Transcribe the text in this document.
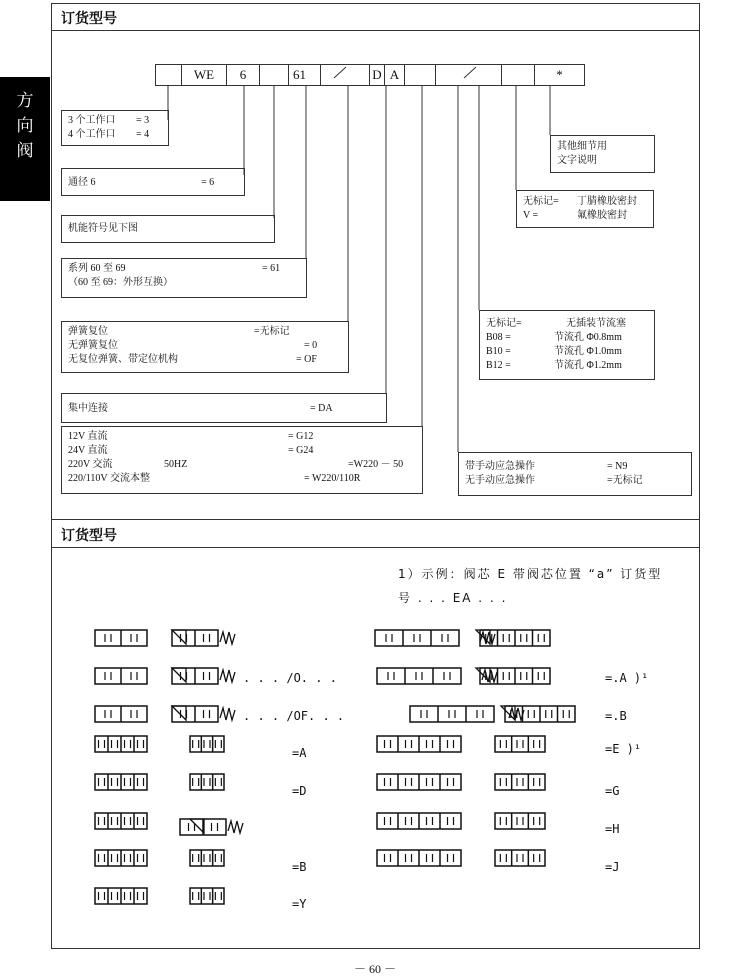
方
向
阀
订货型号
WE	6	61	D A	*
3 个工作口 = 3
4 个工作口 = 4
通径 6	= 6
机能符号见下图
系列 60 至 69	= 61
（60 至 69：外形互换）
弹簧复位	=无标记
无弹簧复位	= 0
无复位弹簧、带定位机构	= OF
集中连接	= DA
12V 直流	= G12
24V 直流	= G24
220V 交流	50HZ	=W220 － 50
220/110V 交流本整	= W220/110R
带手动应急操作	= N9
无手动应急操作	=无标记
无标记=	无插装节流塞
B08 =	节流孔 Φ0.8mm
B10 =	节流孔 Φ1.0mm
B12 =	节流孔 Φ1.2mm
无标记= 丁腈橡胶密封
V =	氟橡胶密封
其他细节用
文字说明
订货型号
1）示例：阀芯 E 带阀芯位置 “a” 订货型
号 . . . EA . . .
. . . /O. . .
. . . /OF. . .
=A
=D
=B
=Y
=.A )¹
=.B
=E )¹
=G
=H
=J
－ 60 －
